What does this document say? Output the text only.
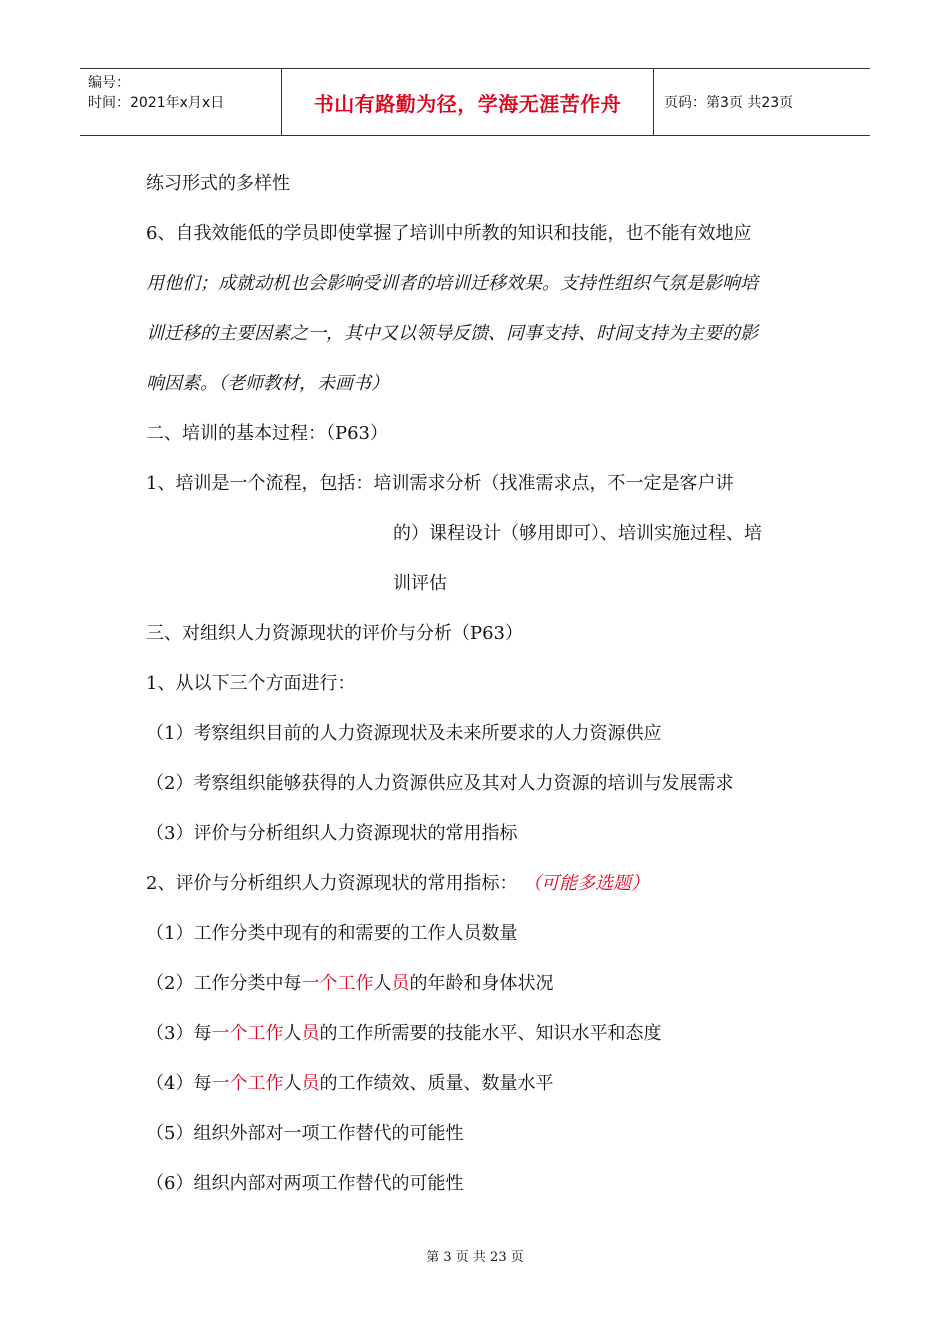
编号：
时间：2021年x月x日	书山有路勤为径，学海无涯苦作舟	页码：第3页 共23页
练习形式的多样性
6、自我效能低的学员即使掌握了培训中所教的知识和技能，也不能有效地应
用他们；成就动机也会影响受训者的培训迁移效果。支持性组织气氛是影响培
训迁移的主要因素之一，其中又以领导反馈、同事支持、时间支持为主要的影
响因素。（老师教材，未画书）
二、培训的基本过程：（P63）
1、培训是一个流程，包括：培训需求分析（找准需求点，不一定是客户讲
的）课程设计（够用即可）、培训实施过程、培
训评估
三、对组织人力资源现状的评价与分析（P63）
1、从以下三个方面进行：
（1）考察组织目前的人力资源现状及未来所要求的人力资源供应
（2）考察组织能够获得的人力资源供应及其对人力资源的培训与发展需求
（3）评价与分析组织人力资源现状的常用指标
2、评价与分析组织人力资源现状的常用指标： （可能多选题）
（1）工作分类中现有的和需要的工作人员数量
（2）工作分类中每一个工作人员的年龄和身体状况
（3）每一个工作人员的工作所需要的技能水平、知识水平和态度
（4）每一个工作人员的工作绩效、质量、数量水平
（5）组织外部对一项工作替代的可能性
（6）组织内部对两项工作替代的可能性
第 3 页 共 23 页
